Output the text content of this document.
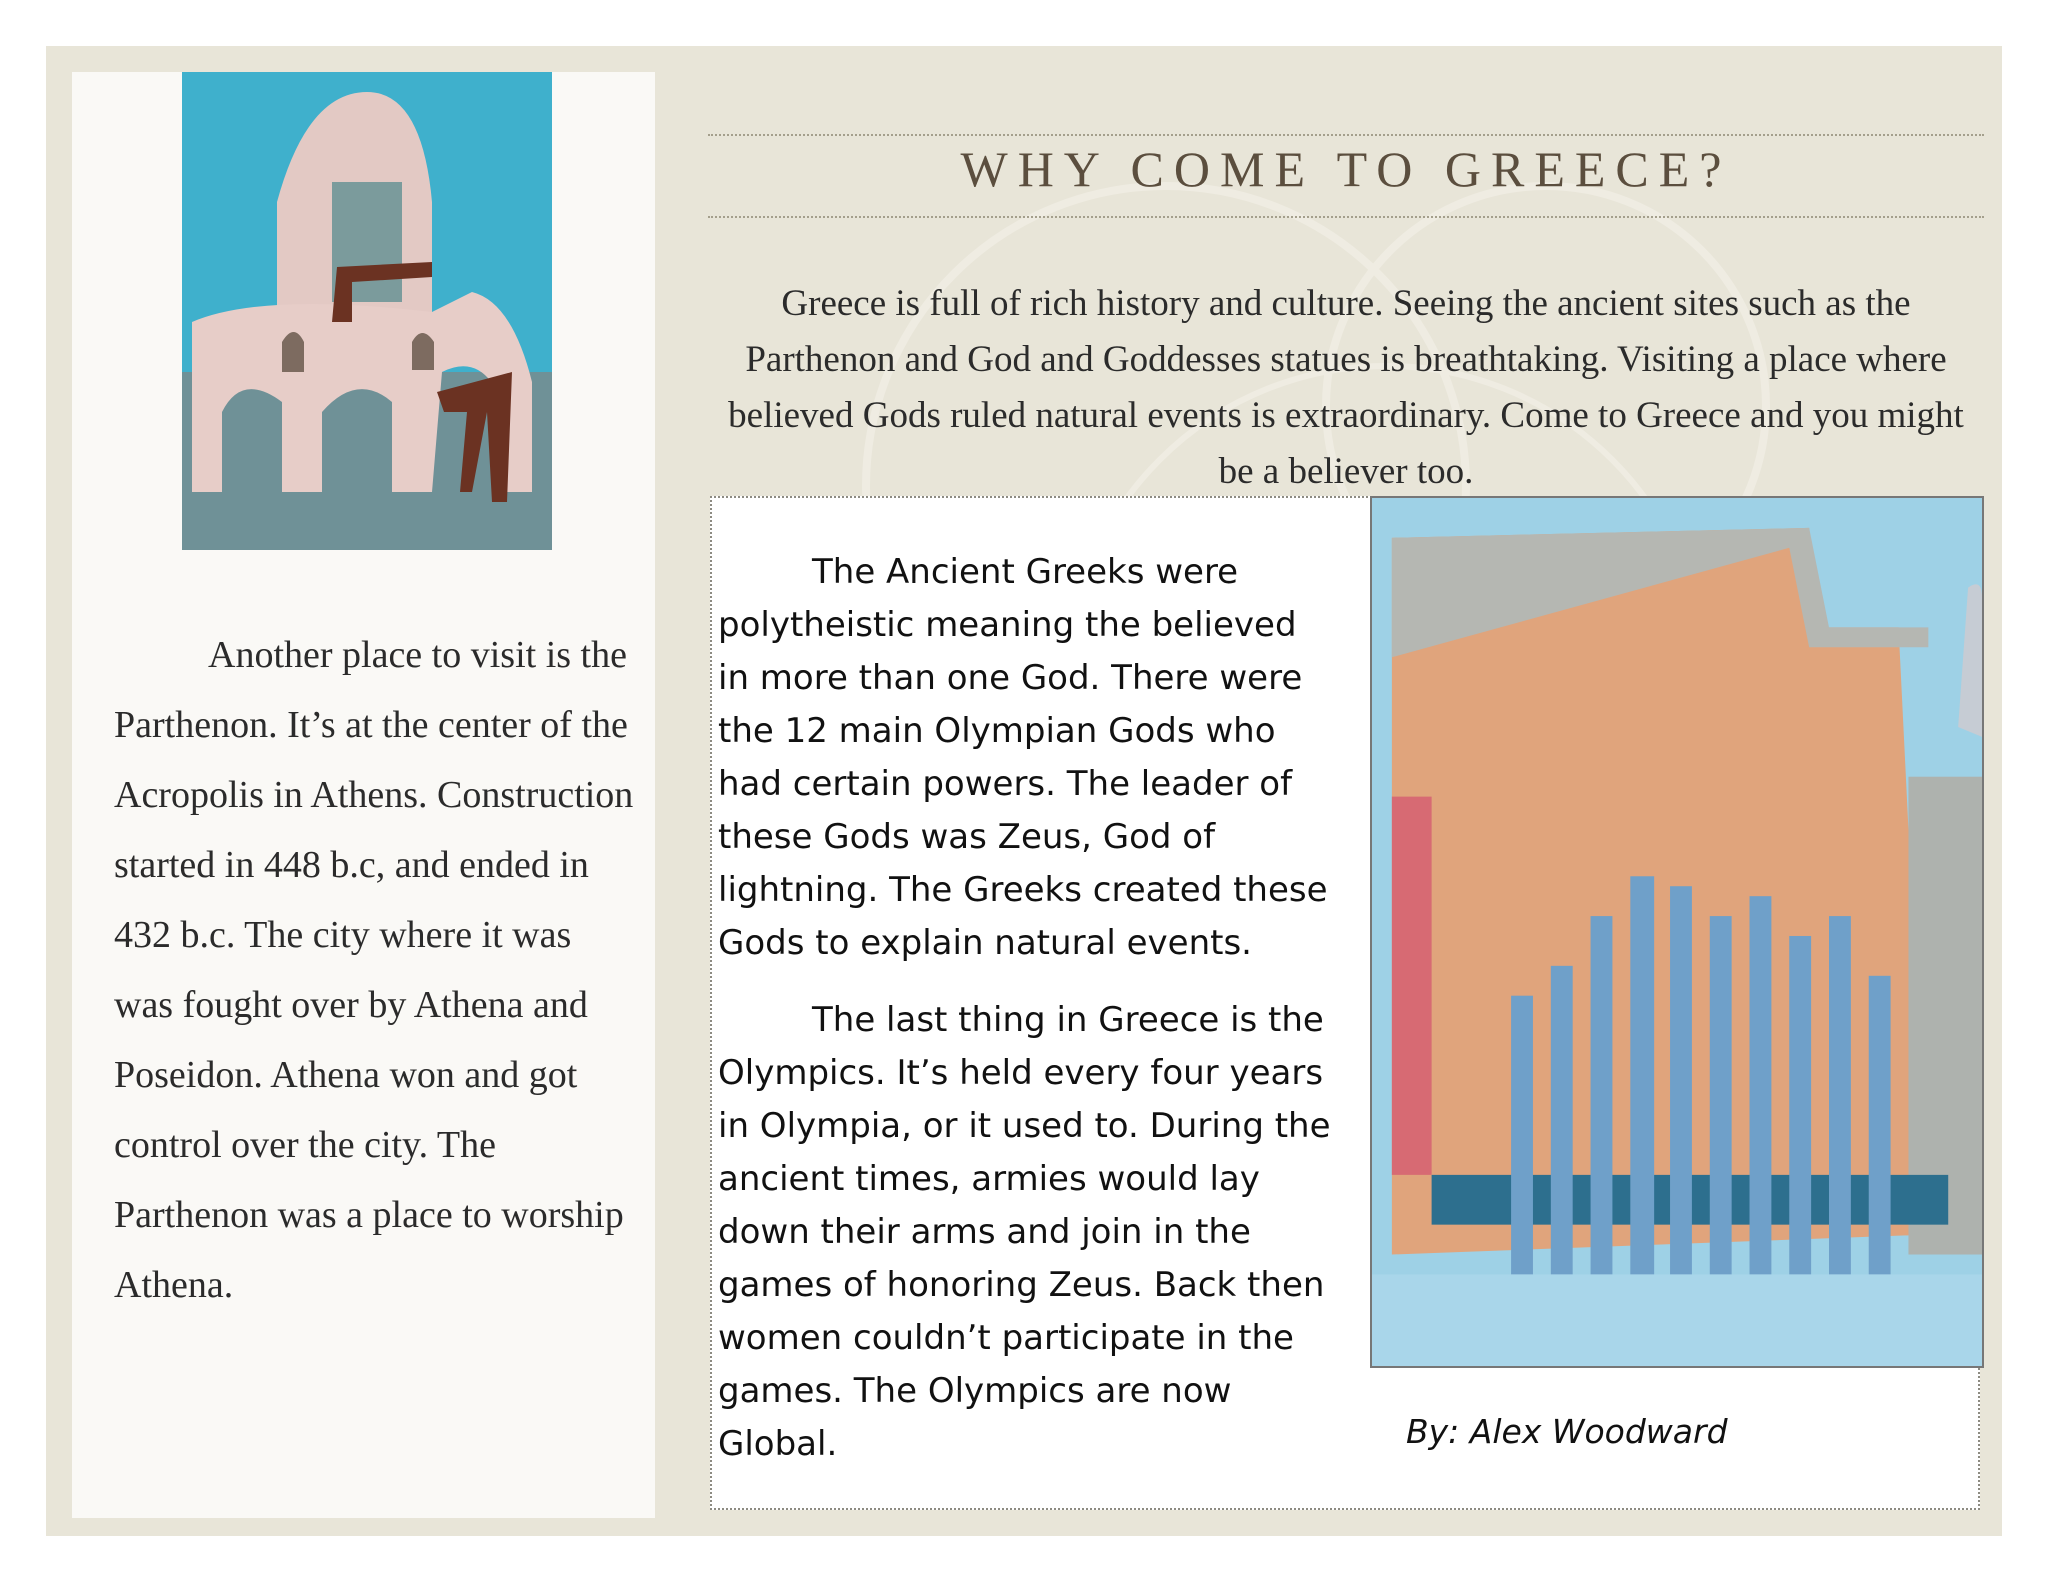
Another place to visit is the Parthenon. It’s at the center of the Acropolis in Athens. Construction started in 448 b.c, and ended in 432 b.c. The city where it was was fought over by Athena and Poseidon. Athena won and got control over the city. The Parthenon was a place to worship Athena.

WHY COME TO GREECE?

Greece is full of rich history and culture. Seeing the ancient sites such as the Parthenon and God and Goddesses statues is breathtaking. Visiting a place where believed Gods ruled natural events is extraordinary. Come to Greece and you might be a believer too.

The Ancient Greeks were polytheistic meaning the believed in more than one God. There were the 12 main Olympian Gods who had certain powers. The leader of these Gods was Zeus, God of lightning. The Greeks created these Gods to explain natural events.

The last thing in Greece is the Olympics. It’s held every four years in Olympia, or it used to. During the ancient times, armies would lay down their arms and join in the games of honoring Zeus. Back then women couldn’t participate in the games. The Olympics are now Global.	By: Alex Woodward
